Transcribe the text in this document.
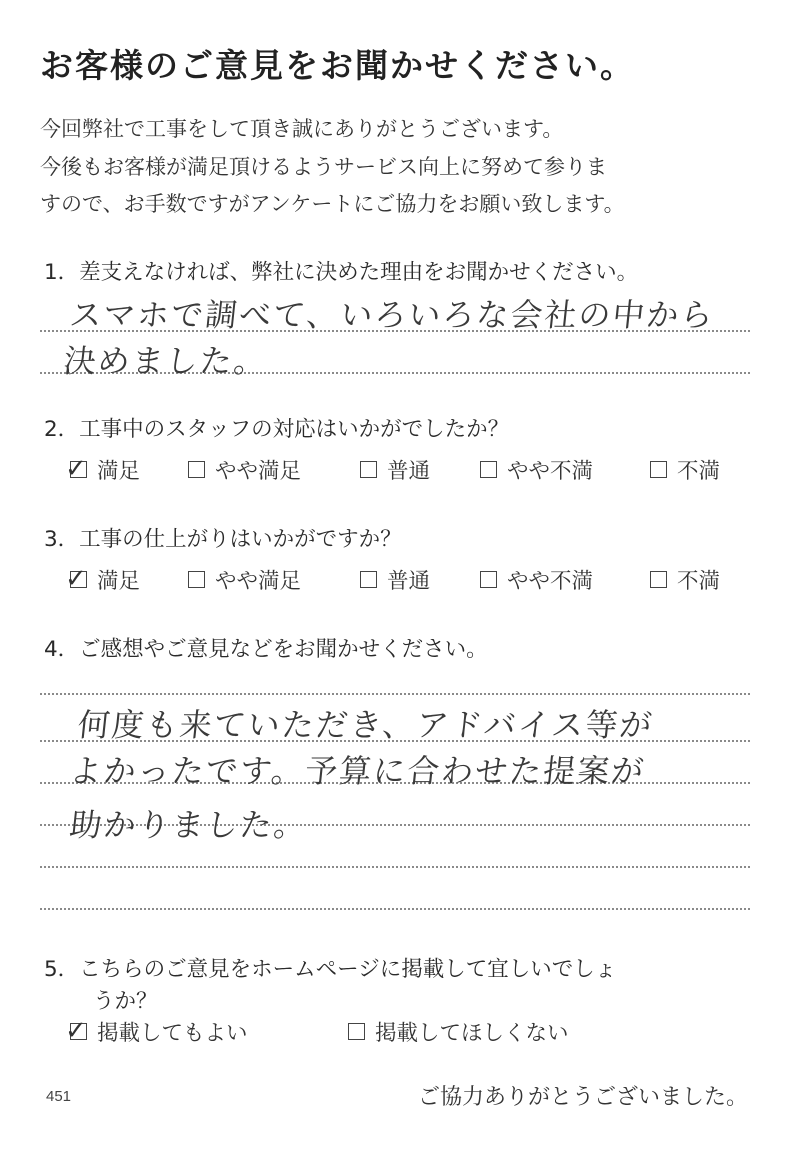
お客様のご意見をお聞かせください。
今回弊社で工事をして頂き誠にありがとうございます。
今後もお客様が満足頂けるようサービス向上に努めて参りま
すので、お手数ですがアンケートにご協力をお願い致します。
1．差支えなければ、弊社に決めた理由をお聞かせください。
スマホで調べて、いろいろな会社の中から
決めました。
2．工事中のスタッフの対応はいかがでしたか？
✓ 満足	やや満足	普通	やや不満	不満
3．工事の仕上がりはいかがですか？
✓ 満足	やや満足	普通	やや不満	不満
4．ご感想やご意見などをお聞かせください。
何度も来ていただき、アドバイス等が
よかったです。予算に合わせた提案が
助かりました。
5．こちらのご意見をホームページに掲載して宜しいでしょ
うか？
✓ 掲載してもよい	掲載してほしくない
451	ご協力ありがとうございました。
